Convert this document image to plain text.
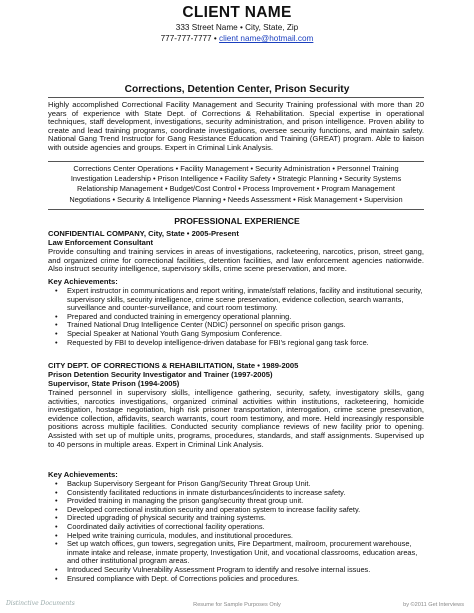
CLIENT NAME
333 Street Name • City, State, Zip
777-777-7777 • client name@hotmail.com
Corrections, Detention Center, Prison Security

Highly accomplished Correctional Facility Management and Security Training professional with more than 20 years of experience with State Dept. of Corrections & Rehabilitation. Special expertise in operational techniques, staff development, investigations, security administration, and prison intelligence. Proven ability to create and lead training programs, coordinate investigations, oversee security functions, and maintain safety. National Gang Trend Instructor for Gang Resistance Education and Training (GREAT) program. Able to liaison with outside agencies and groups. Expert in Criminal Link Analysis.

Corrections Center Operations • Facility Management • Security Administration • Personnel Training
Investigation Leadership • Prison Intelligence • Facility Safety • Strategic Planning • Security Systems
Relationship Management • Budget/Cost Control • Process Improvement • Program Management
Negotiations • Security & Intelligence Planning • Needs Assessment • Risk Management • Supervision
PROFESSIONAL EXPERIENCE
CONFIDENTIAL COMPANY, City, State • 2005-Present
Law Enforcement Consultant

Provide consulting and training services in areas of investigations, racketeering, narcotics, prison, street gang, and organized crime for correctional facilities, detention facilities, and law enforcement agencies nationwide. Also instruct security intelligence, supervisory skills, crime scene preservation, and more.

Key Achievements:
• Expert instructor in communications and report writing, inmate/staff relations, facility and institutional security, supervisory skills, security intelligence, crime scene preservation, evidence collection, search warrants, surveillance and counter-surveillance, and court room testimony.
• Prepared and conducted training in emergency operational planning.
• Trained National Drug Intelligence Center (NDIC) personnel on specific prison gangs.
• Special Speaker at National Youth Gang Symposium Conference.
• Requested by FBI to develop intelligence-driven database for FBI's regional gang task force.
CITY DEPT. OF CORRECTIONS & REHABILITATION, State • 1989-2005
Prison Detention Security Investigator and Trainer (1997-2005)
Supervisor, State Prison (1994-2005)

Trained personnel in supervisory skills, intelligence gathering, security, safety, investigatory skills, gang activities, narcotics investigations, organized criminal activities within institutions, racketeering, homicide investigation, hostage negotiation, high risk prisoner transportation, interrogation, crime scene preservation, evidence collection, affidavits, search warrants, court room testimony, and more. Held increasingly responsible positions across multiple facilities. Conducted security compliance reviews of new facility prior to opening. Assisted with set up of multiple units, programs, procedures, standards, and staff assignments. Supervised up to 40 persons in multiple areas. Expert in Criminal Link Analysis.

Key Achievements:
• Backup Supervisory Sergeant for Prison Gang/Security Threat Group Unit.
• Consistently facilitated reductions in inmate disturbances/incidents to increase safety.
• Provided training in managing the prison gang/security threat group unit.
• Developed correctional institution security and operation system to increase facility safety.
• Directed upgrading of physical security and training systems.
• Coordinated daily activities of correctional facility operations.
• Helped write training curricula, modules, and institutional procedures.
• Set up watch offices, gun towers, segregation units, Fire Department, mailroom, procurement warehouse, inmate intake and release, inmate property, Investigation Unit, and vocational classrooms, education areas, and other institutional program areas.
• Introduced Security Vulnerability Assessment Program to identify and resolve internal issues.
• Ensured compliance with Dept. of Corrections policies and procedures.
Distinctive Documents	Resume for Sample Purposes Only	by ©2011 Get Interviews
